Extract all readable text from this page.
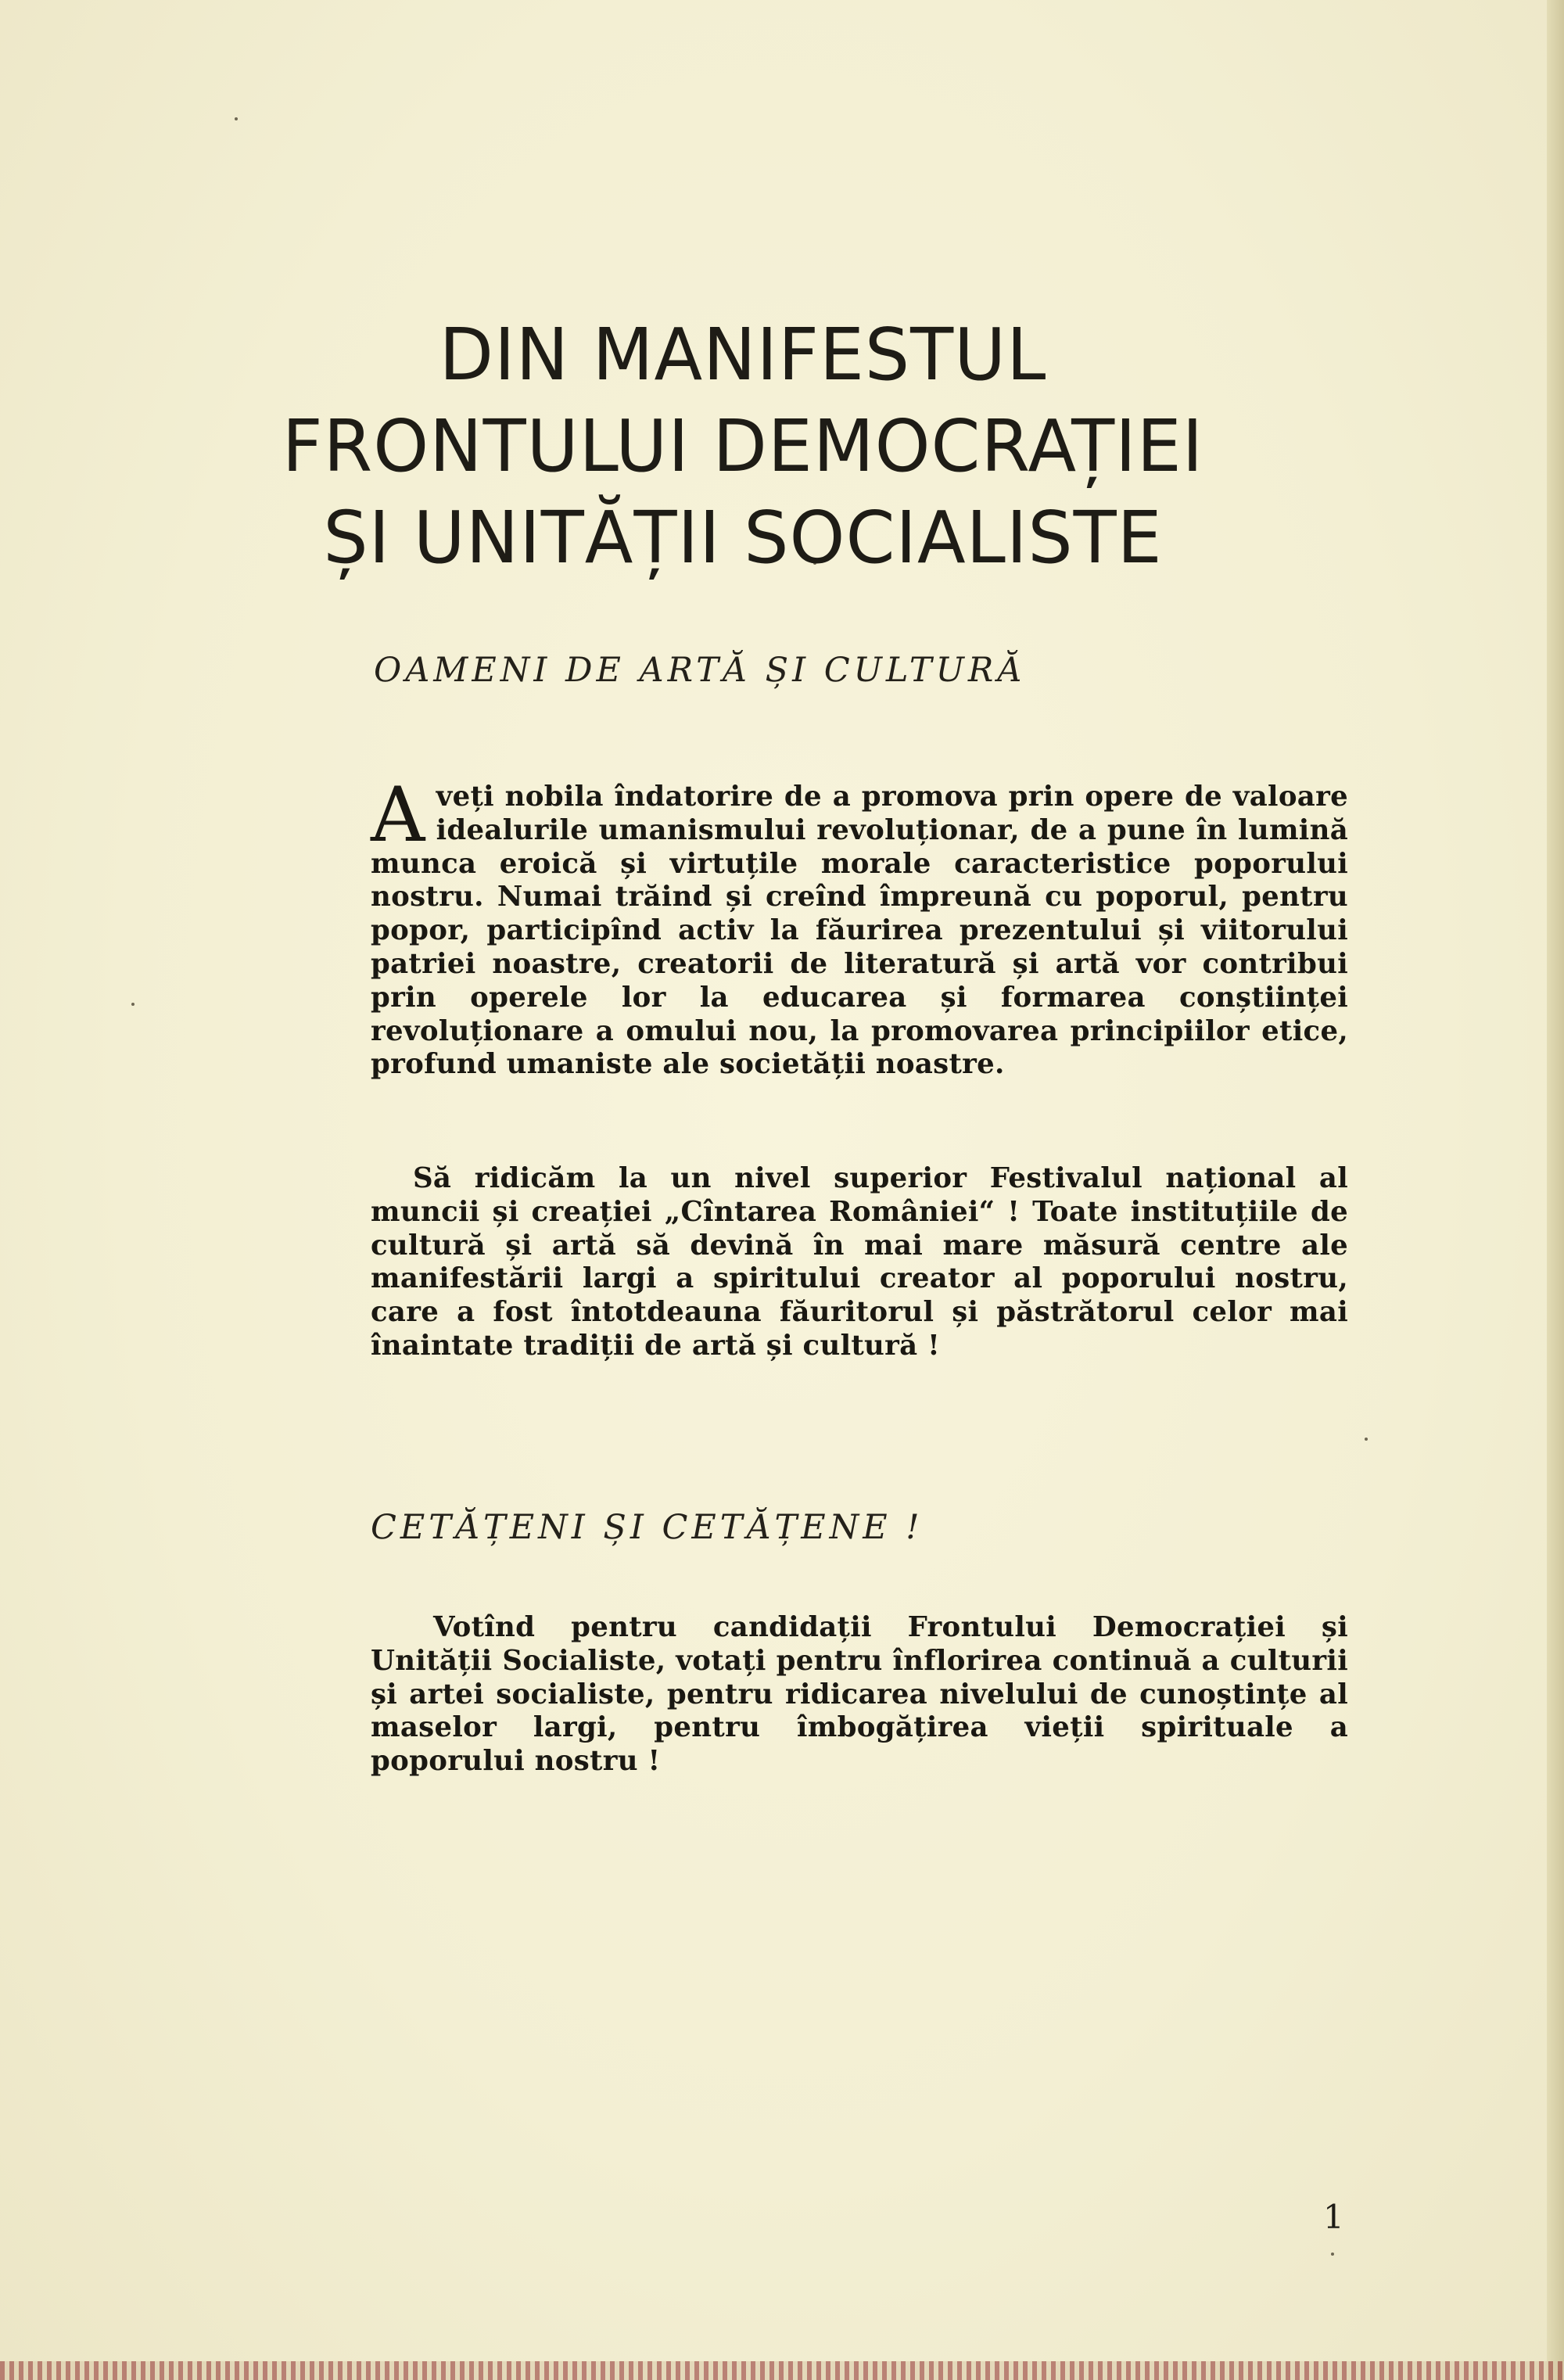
DIN MANIFESTUL
FRONTULUI DEMOCRAȚIEI
ȘI UNITĂȚII SOCIALISTE
OAMENI DE ARTĂ ȘI CULTURĂ
Aveți nobila îndatorire de a promova prin opere de valoare idealurile umanismului revoluționar, de a pune în lumină munca eroică și virtuțile morale caracteristice poporului nostru. Numai trăind și creînd împreună cu poporul, pentru popor, participînd activ la făurirea prezentului și viitorului patriei noastre, creatorii de literatură și artă vor contribui prin operele lor la educarea și formarea conștiinței revoluționare a omului nou, la promovarea principiilor etice, profund umaniste ale societății noastre.
Să ridicăm la un nivel superior Festivalul național al muncii și creației „Cîntarea României“ ! Toate instituțiile de cultură și artă să devină în mai mare măsură centre ale manifestării largi a spiritului creator al poporului nostru, care a fost întotdeauna făuritorul și păstrătorul celor mai înaintate tradiții de artă și cultură !
CETĂȚENI ȘI CETĂȚENE !
Votînd pentru candidații Frontului Democrației și Unității Socialiste, votați pentru înflorirea continuă a culturii și artei socialiste, pentru ridicarea nivelului de cunoștințe al maselor largi, pentru îmbogățirea vieții spirituale a poporului nostru !
1
